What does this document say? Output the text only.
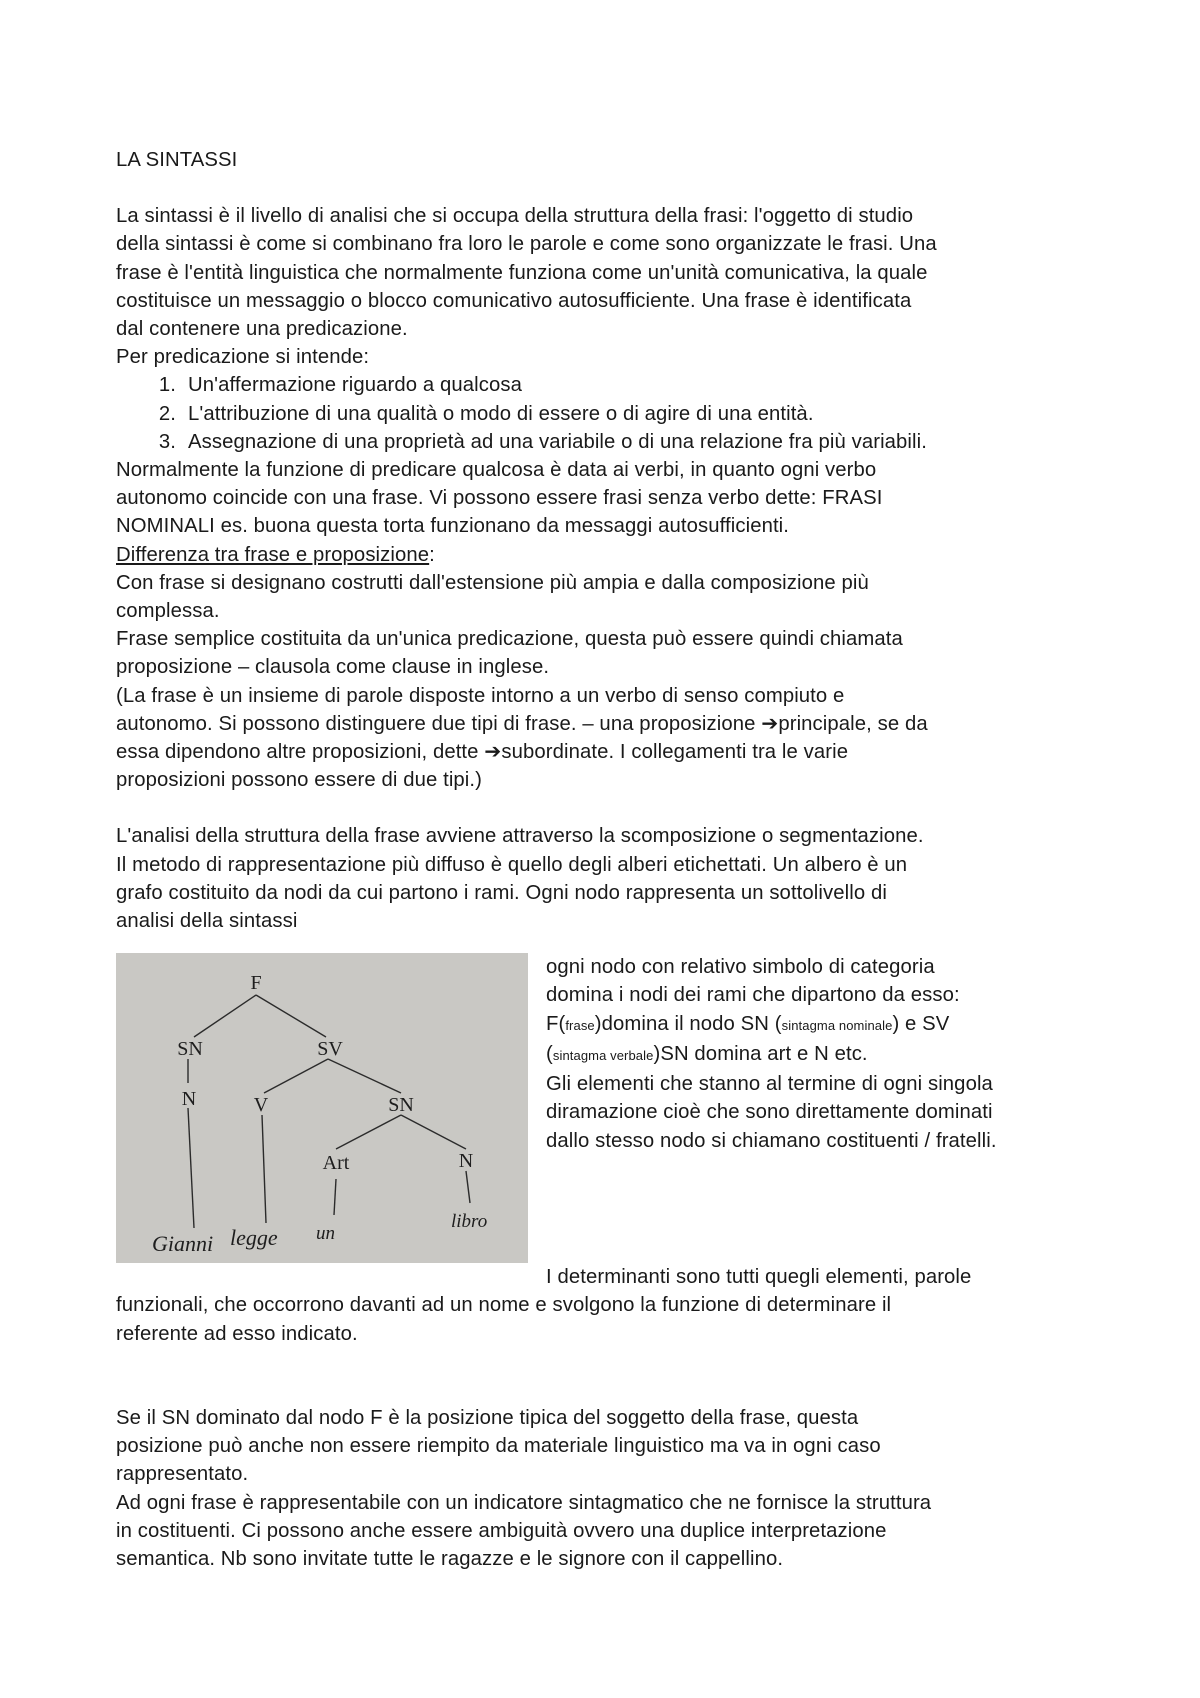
LA SINTASSI

La sintassi è il livello di analisi che si occupa della struttura della frasi: l'oggetto di studio

della sintassi è come si combinano fra loro le parole e come sono organizzate le frasi. Una

frase è l'entità linguistica che normalmente funziona come un'unità comunicativa, la quale

costituisce un messaggio o blocco comunicativo autosufficiente. Una frase è identificata

dal contenere una predicazione.

Per predicazione si intende:

1. Un'affermazione riguardo a qualcosa
2. L'attribuzione di una qualità o modo di essere o di agire di una entità.
3. Assegnazione di una proprietà ad una variabile o di una relazione fra più variabili.

Normalmente la funzione di predicare qualcosa è data ai verbi, in quanto ogni verbo

autonomo coincide con una frase. Vi possono essere frasi senza verbo dette: FRASI

NOMINALI es. buona questa torta funzionano da messaggi autosufficienti.

Differenza tra frase e proposizione:

Con frase si designano costrutti dall'estensione più ampia e dalla composizione più

complessa.

Frase semplice costituita da un'unica predicazione, questa può essere quindi chiamata

proposizione – clausola come clause in inglese.

(La frase è un insieme di parole disposte intorno a un verbo di senso compiuto e

autonomo. Si possono distinguere due tipi di frase. – una proposizione ➔principale, se da

essa dipendono altre proposizioni, dette ➔subordinate. I collegamenti tra le varie

proposizioni possono essere di due tipi.)

L'analisi della struttura della frase avviene attraverso la scomposizione o segmentazione.

Il metodo di rappresentazione più diffuso è quello degli alberi etichettati. Un albero è un

grafo costituito da nodi da cui partono i rami. Ogni nodo rappresenta un sottolivello di

analisi della sintassi

F
SN	SV
N	V	SN
Art	N
Gianni legge un
libro

ogni nodo con relativo simbolo di categoria

domina i nodi dei rami che dipartono da esso:

F(frase)domina il nodo SN (sintagma nominale) e SV

(sintagma verbale)SN domina art e N etc.

Gli elementi che stanno al termine di ogni singola

diramazione cioè che sono direttamente dominati

dallo stesso nodo si chiamano costituenti / fratelli.

I determinanti sono tutti quegli elementi, parole

funzionali, che occorrono davanti ad un nome e svolgono la funzione di determinare il

referente ad esso indicato.

Se il SN dominato dal nodo F è la posizione tipica del soggetto della frase, questa

posizione può anche non essere riempito da materiale linguistico ma va in ogni caso

rappresentato.

Ad ogni frase è rappresentabile con un indicatore sintagmatico che ne fornisce la struttura

in costituenti. Ci possono anche essere ambiguità ovvero una duplice interpretazione

semantica. Nb sono invitate tutte le ragazze e le signore con il cappellino.
